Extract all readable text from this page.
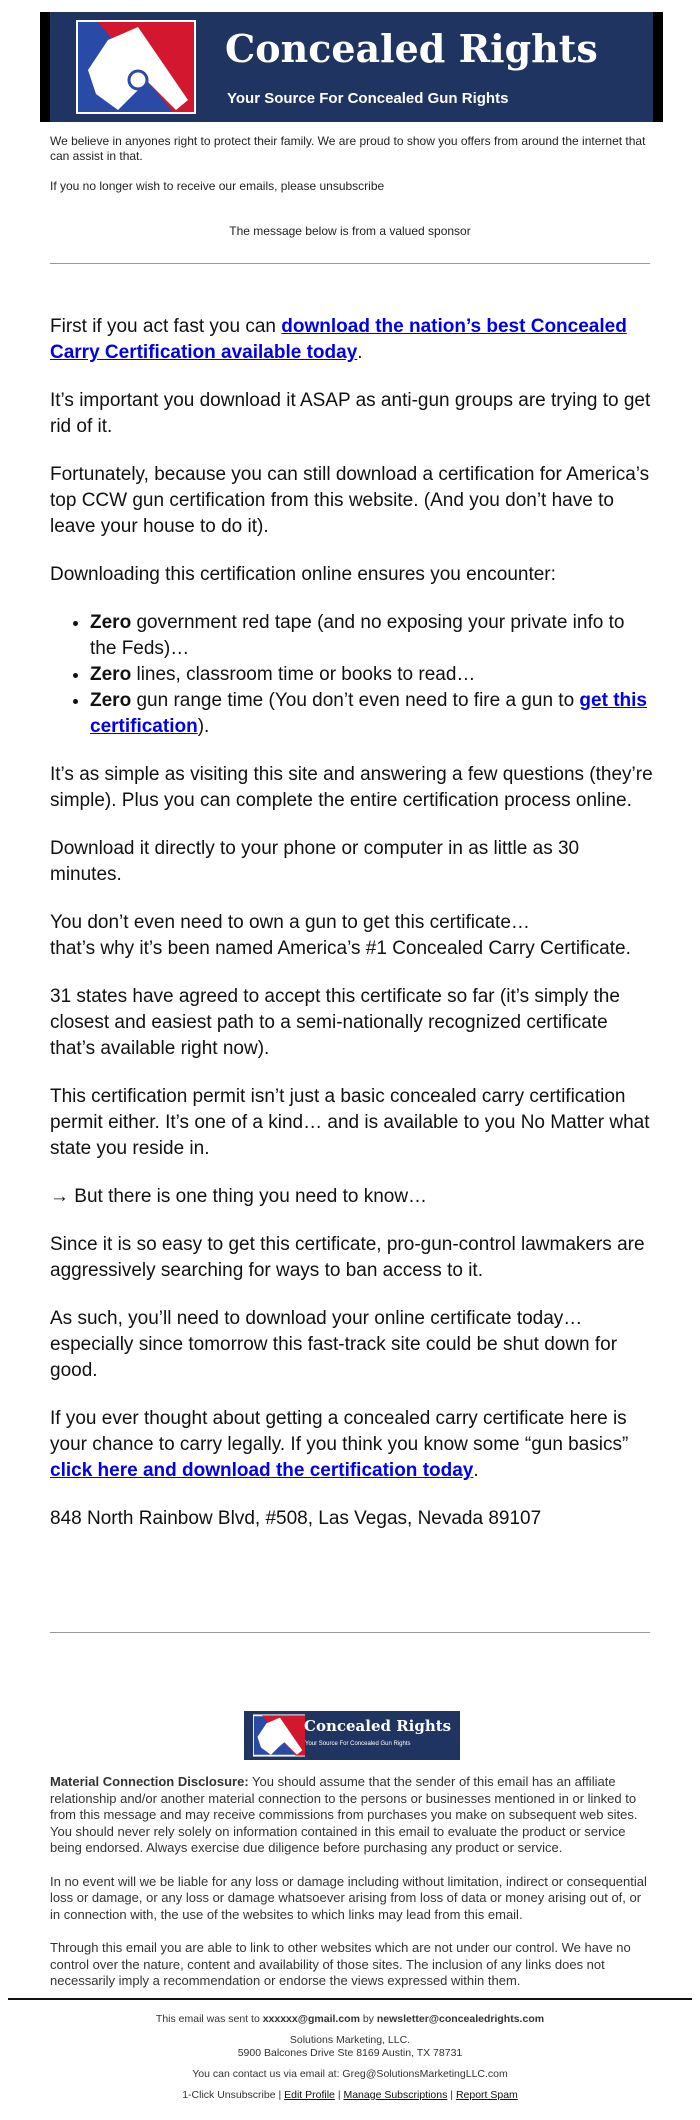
Concealed Rights
Your Source For Concealed Gun Rights
We believe in anyones right to protect their family. We are proud to show you offers from around the internet that can assist in that.
If you no longer wish to receive our emails, please unsubscribe
The message below is from a valued sponsor

First if you act fast you can download the nation’s best Concealed Carry Certification available today.

It’s important you download it ASAP as anti-gun groups are trying to get rid of it.

Fortunately, because you can still download a certification for America’s top CCW gun certification from this website. (And you don’t have to leave your house to do it).

Downloading this certification online ensures you encounter:

• Zero government red tape (and no exposing your private info to the Feds)…
• Zero lines, classroom time or books to read…
• Zero gun range time (You don’t even need to fire a gun to get this certification).

It’s as simple as visiting this site and answering a few questions (they’re simple). Plus you can complete the entire certification process online.

Download it directly to your phone or computer in as little as 30 minutes.

You don’t even need to own a gun to get this certificate…
that’s why it’s been named America’s #1 Concealed Carry Certificate.

31 states have agreed to accept this certificate so far (it’s simply the closest and easiest path to a semi-nationally recognized certificate that’s available right now).

This certification permit isn’t just a basic concealed carry certification permit either. It’s one of a kind… and is available to you No Matter what state you reside in.

→ But there is one thing you need to know…

Since it is so easy to get this certificate, pro-gun-control lawmakers are aggressively searching for ways to ban access to it.

As such, you’ll need to download your online certificate today… especially since tomorrow this fast-track site could be shut down for good.

If you ever thought about getting a concealed carry certificate here is your chance to carry legally. If you think you know some “gun basics” click here and download the certification today.

848 North Rainbow Blvd, #508, Las Vegas, Nevada 89107

Concealed Rights
Your Source For Concealed Gun Rights

Material Connection Disclosure: You should assume that the sender of this email has an affiliate relationship and/or another material connection to the persons or businesses mentioned in or linked to from this message and may receive commissions from purchases you make on subsequent web sites. You should never rely solely on information contained in this email to evaluate the product or service being endorsed. Always exercise due diligence before purchasing any product or service.

In no event will we be liable for any loss or damage including without limitation, indirect or consequential loss or damage, or any loss or damage whatsoever arising from loss of data or money arising out of, or in connection with, the use of the websites to which links may lead from this email.

Through this email you are able to link to other websites which are not under our control. We have no control over the nature, content and availability of those sites. The inclusion of any links does not necessarily imply a recommendation or endorse the views expressed within them.

This email was sent to xxxxxx@gmail.com by newsletter@concealedrights.com

Solutions Marketing, LLC.
5900 Balcones Drive Ste 8169 Austin, TX 78731

You can contact us via email at: Greg@SolutionsMarketingLLC.com

1-Click Unsubscribe | Edit Profile | Manage Subscriptions | Report Spam
